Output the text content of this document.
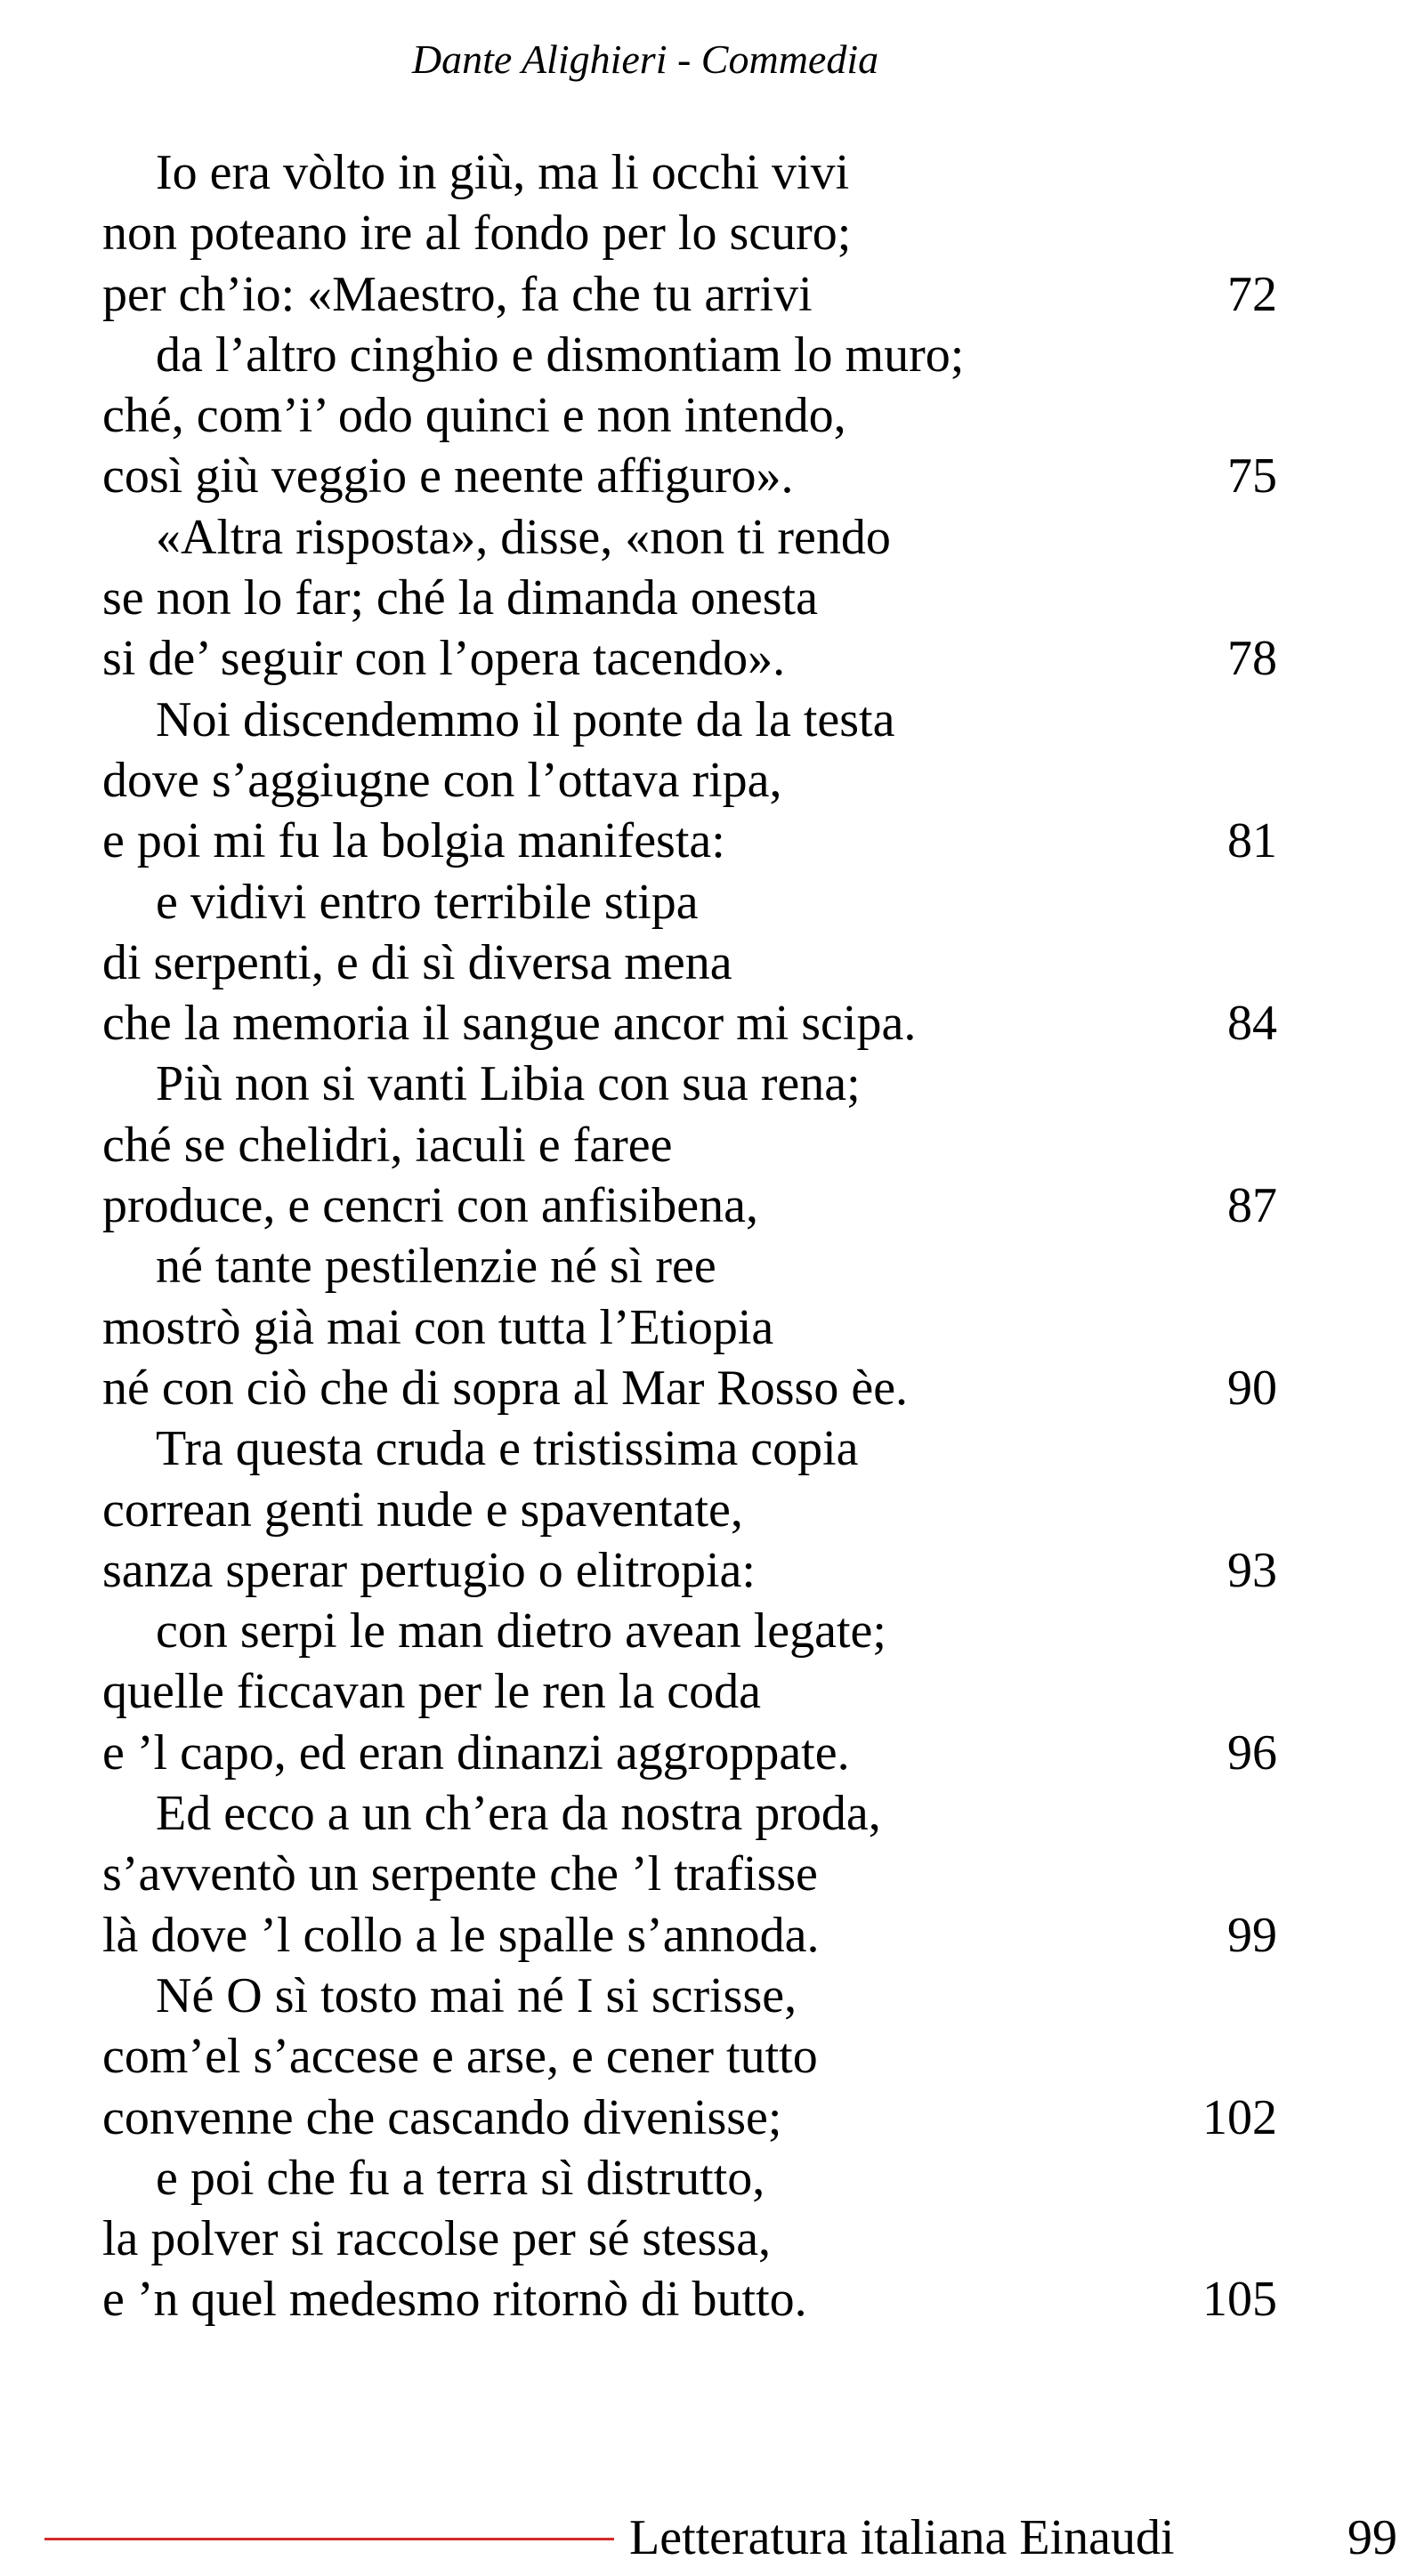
Dante Alighieri - Commedia
Io era vòlto in giù, ma li occhi vivi
non poteano ire al fondo per lo scuro;
per ch’io: «Maestro, fa che tu arrivi	72
da l’altro cinghio e dismontiam lo muro;
ché, com’i’ odo quinci e non intendo,
così giù veggio e neente affiguro».	75
«Altra risposta», disse, «non ti rendo
se non lo far; ché la dimanda onesta
si de’ seguir con l’opera tacendo».	78
Noi discendemmo il ponte da la testa
dove s’aggiugne con l’ottava ripa,
e poi mi fu la bolgia manifesta:	81
e vidivi entro terribile stipa
di serpenti, e di sì diversa mena
che la memoria il sangue ancor mi scipa.	84
Più non si vanti Libia con sua rena;
ché se chelidri, iaculi e faree
produce, e cencri con anfisibena,	87
né tante pestilenzie né sì ree
mostrò già mai con tutta l’Etiopia
né con ciò che di sopra al Mar Rosso èe.	90
Tra questa cruda e tristissima copia
correan genti nude e spaventate,
sanza sperar pertugio o elitropia:	93
con serpi le man dietro avean legate;
quelle ficcavan per le ren la coda
e ’l capo, ed eran dinanzi aggroppate.	96
Ed ecco a un ch’era da nostra proda,
s’avventò un serpente che ’l trafisse
là dove ’l collo a le spalle s’annoda.	99
Né O sì tosto mai né I si scrisse,
com’el s’accese e arse, e cener tutto
convenne che cascando divenisse;	102
e poi che fu a terra sì distrutto,
la polver si raccolse per sé stessa,
e ’n quel medesmo ritornò di butto.	105
Letteratura italiana Einaudi	99
